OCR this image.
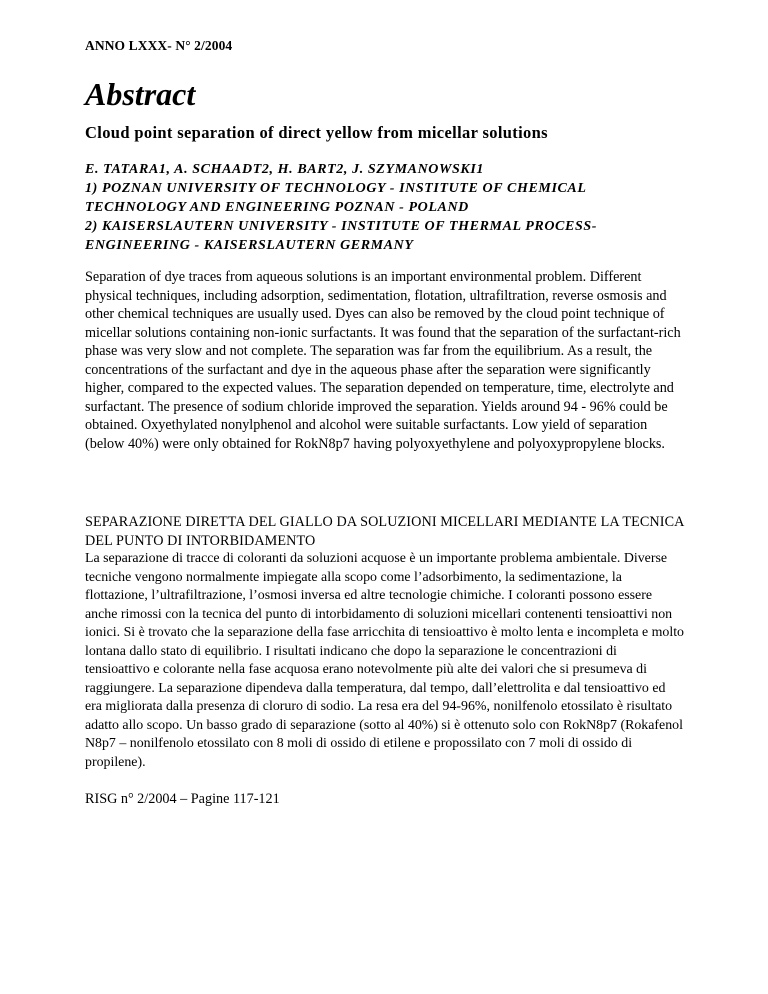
ANNO LXXX- N° 2/2004
Abstract
Cloud point separation of direct yellow from micellar solutions
E. TATARA1, A. SCHAADT2, H. BART2, J. SZYMANOWSKI1
1) POZNAN UNIVERSITY OF TECHNOLOGY - INSTITUTE OF CHEMICAL
TECHNOLOGY AND ENGINEERING POZNAN - POLAND
2) KAISERSLAUTERN UNIVERSITY - INSTITUTE OF THERMAL PROCESS-
ENGINEERING - KAISERSLAUTERN GERMANY

Separation of dye traces from aqueous solutions is an important environmental problem. Different physical techniques, including adsorption, sedimentation, flotation, ultrafiltration, reverse osmosis and other chemical techniques are usually used. Dyes can also be removed by the cloud point technique of micellar solutions containing non-ionic surfactants. It was found that the separation of the surfactant-rich phase was very slow and not complete. The separation was far from the equilibrium. As a result, the concentrations of the surfactant and dye in the aqueous phase after the separation were significantly higher, compared to the expected values. The separation depended on temperature, time, electrolyte and surfactant. The presence of sodium chloride improved the separation. Yields around 94 - 96% could be obtained. Oxyethylated nonylphenol and alcohol were suitable surfactants. Low yield of separation (below 40%) were only obtained for RokN8p7 having polyoxyethylene and polyoxypropylene blocks.

SEPARAZIONE DIRETTA DEL GIALLO DA SOLUZIONI MICELLARI MEDIANTE LA TECNICA DEL PUNTO DI INTORBIDAMENTO

La separazione di tracce di coloranti da soluzioni acquose è un importante problema ambientale. Diverse tecniche vengono normalmente impiegate alla scopo come l’adsorbimento, la sedimentazione, la flottazione, l’ultrafiltrazione, l’osmosi inversa ed altre tecnologie chimiche. I coloranti possono essere anche rimossi con la tecnica del punto di intorbidamento di soluzioni micellari contenenti tensioattivi non ionici. Si è trovato che la separazione della fase arricchita di tensioattivo è molto lenta e incompleta e molto lontana dallo stato di equilibrio. I risultati indicano che dopo la separazione le concentrazioni di tensioattivo e colorante nella fase acquosa erano notevolmente più alte dei valori che si presumeva di raggiungere. La separazione dipendeva dalla temperatura, dal tempo, dall’elettrolita e dal tensioattivo ed era migliorata dalla presenza di cloruro di sodio. La resa era del 94-96%, nonilfenolo etossilato è risultato adatto allo scopo. Un basso grado di separazione (sotto al 40%) si è ottenuto solo con RokN8p7 (Rokafenol N8p7 – nonilfenolo etossilato con 8 moli di ossido di etilene e propossilato con 7 moli di ossido di propilene).

RISG n° 2/2004 – Pagine 117-121
